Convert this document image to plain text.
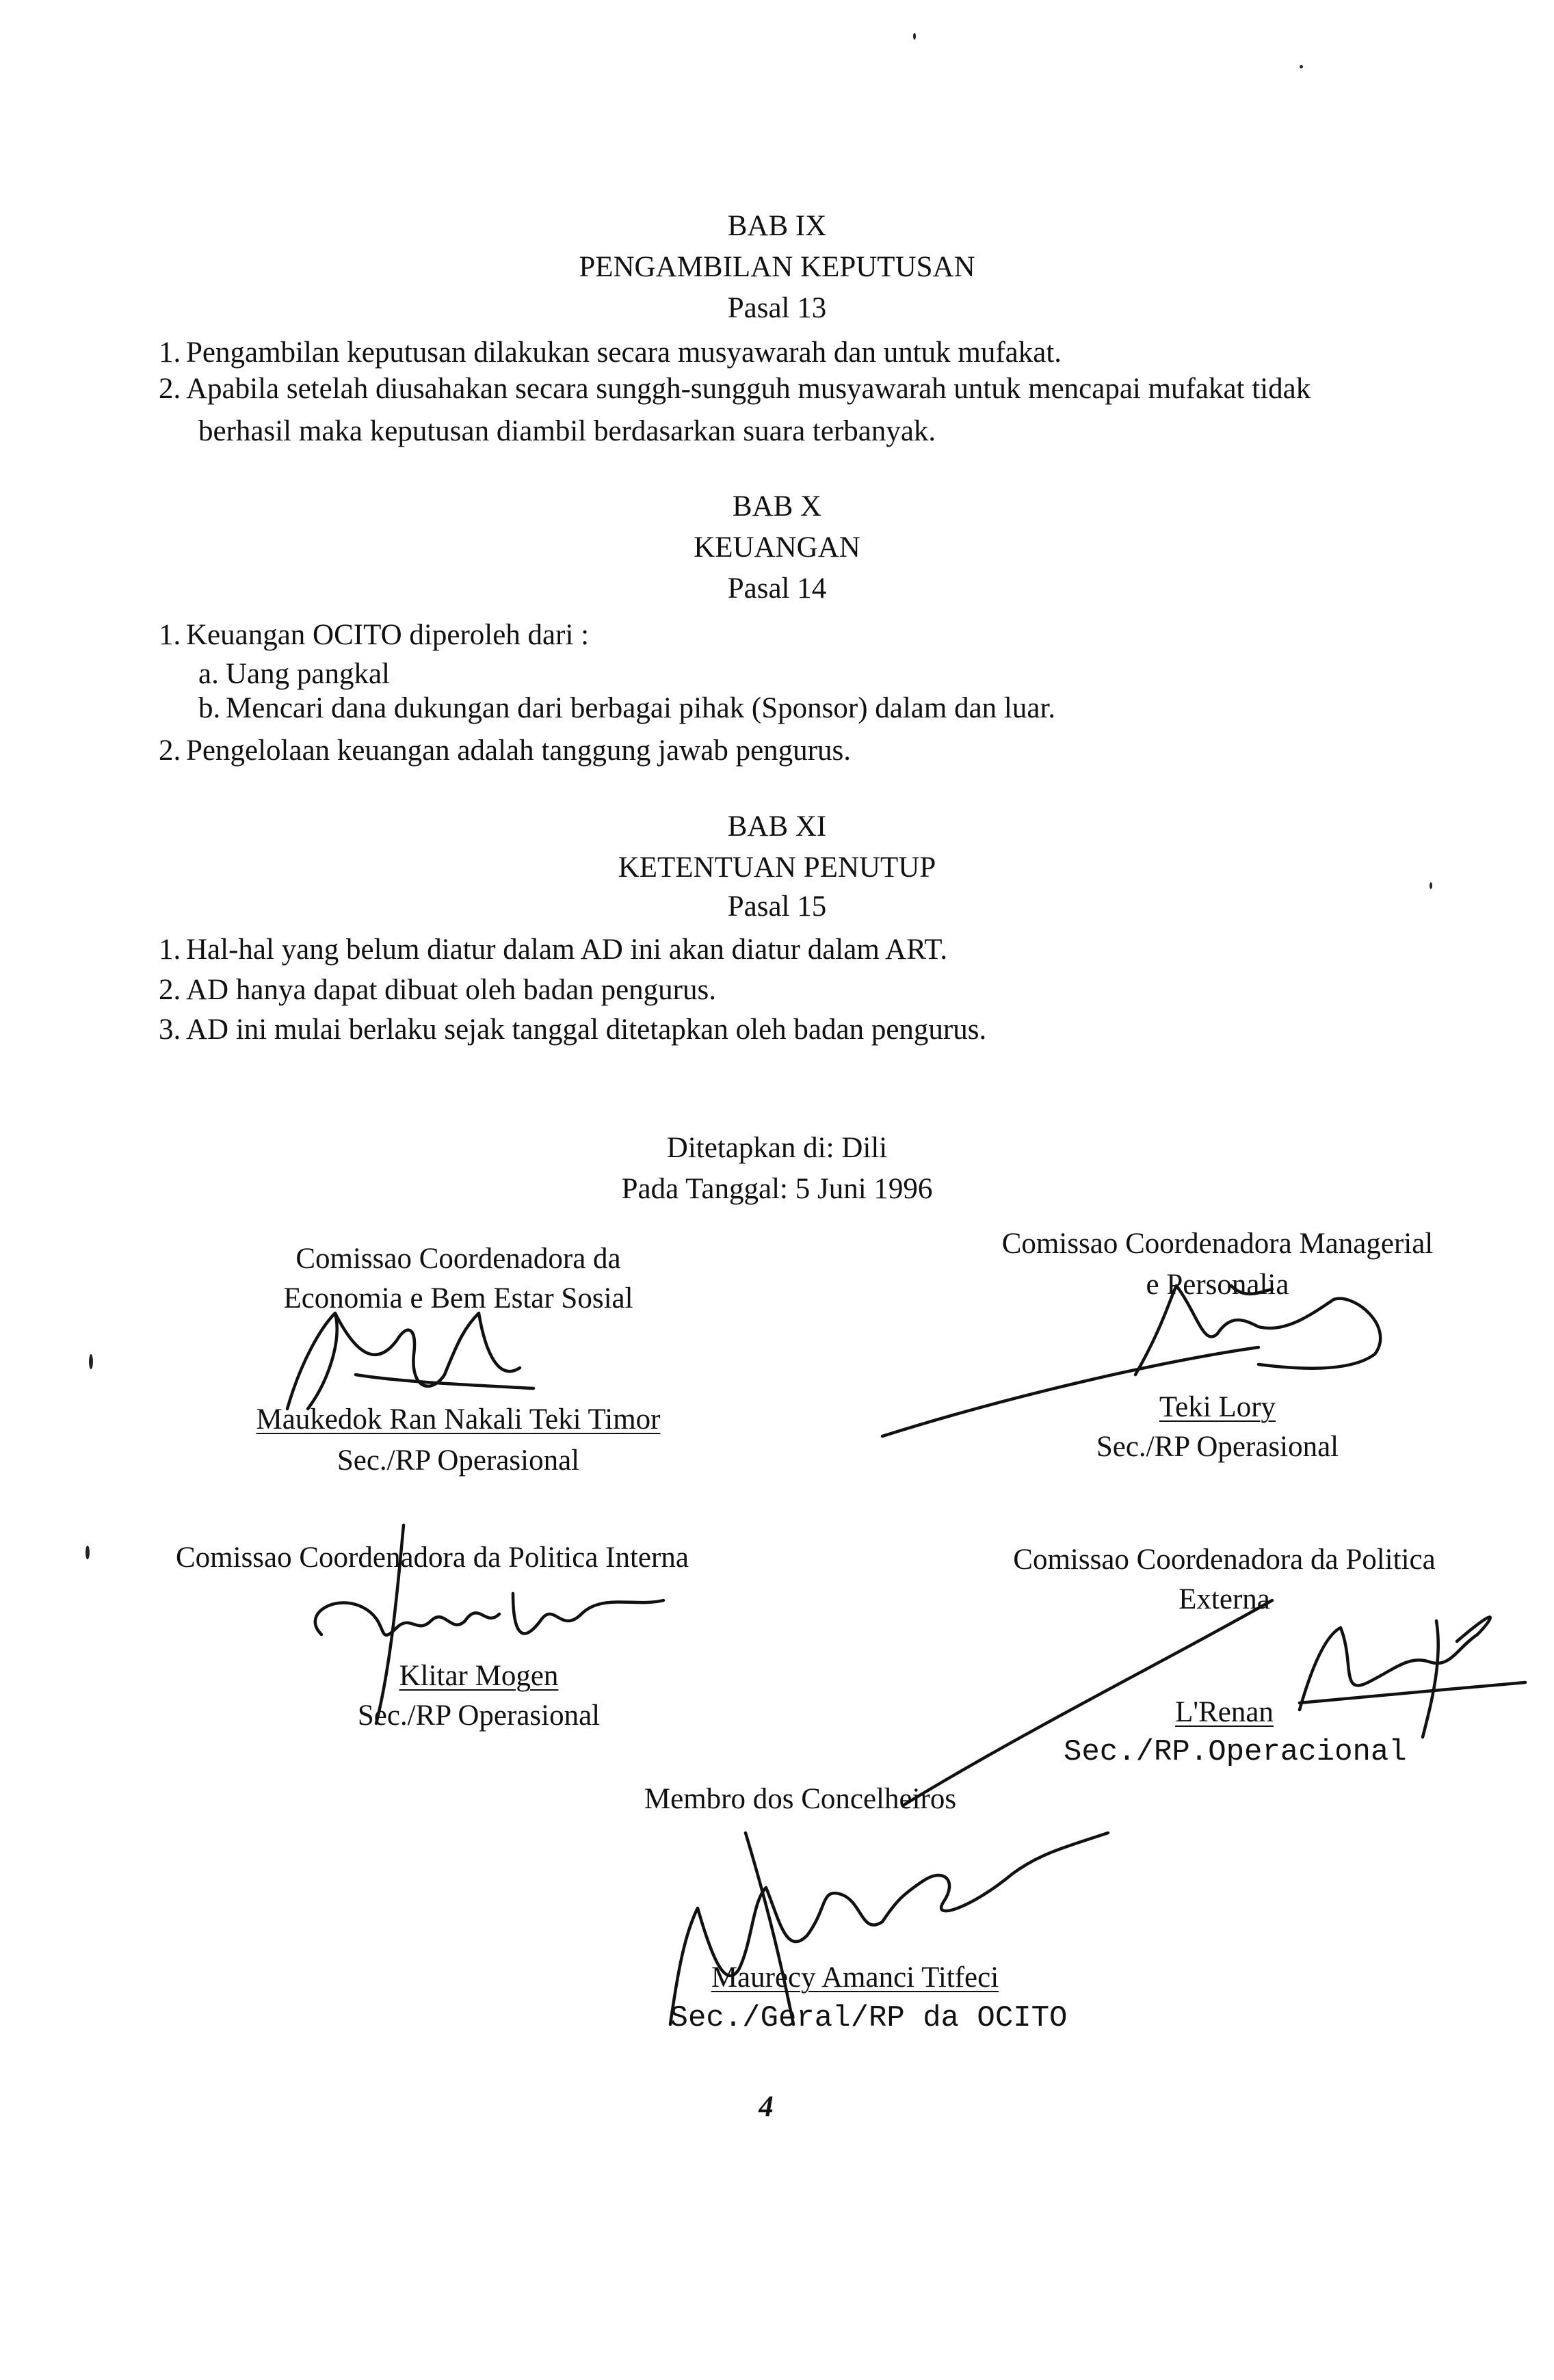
BAB IX
PENGAMBILAN KEPUTUSAN
Pasal 13
1. Pengambilan keputusan dilakukan secara musyawarah dan untuk mufakat.
2. Apabila setelah diusahakan secara sunggh-sungguh musyawarah untuk mencapai mufakat tidak
berhasil maka keputusan diambil berdasarkan suara terbanyak.
BAB X
KEUANGAN
Pasal 14
1. Keuangan OCITO diperoleh dari :
a. Uang pangkal
b. Mencari dana dukungan dari berbagai pihak (Sponsor) dalam dan luar.
2. Pengelolaan keuangan adalah tanggung jawab pengurus.
BAB XI
KETENTUAN PENUTUP
Pasal 15
1. Hal-hal yang belum diatur dalam AD ini akan diatur dalam ART.
2. AD hanya dapat dibuat oleh badan pengurus.
3. AD ini mulai berlaku sejak tanggal ditetapkan oleh badan pengurus.
Ditetapkan di: Dili
Pada Tanggal: 5 Juni 1996
Comissao Coordenadora da
Economia e Bem Estar Sosial
Maukedok Ran Nakali Teki Timor
Sec./RP Operasional
Comissao Coordenadora Managerial
e Personalia
Teki Lory
Sec./RP Operasional
Comissao Coordenadora da Politica Interna
Klitar Mogen
Sec./RP Operasional
Comissao Coordenadora da Politica
Externa
L'Renan
Sec./RP.Operacional
Membro dos Concelheiros
Maurecy Amanci Titfeci
Sec./Geral/RP da OCITO
4
